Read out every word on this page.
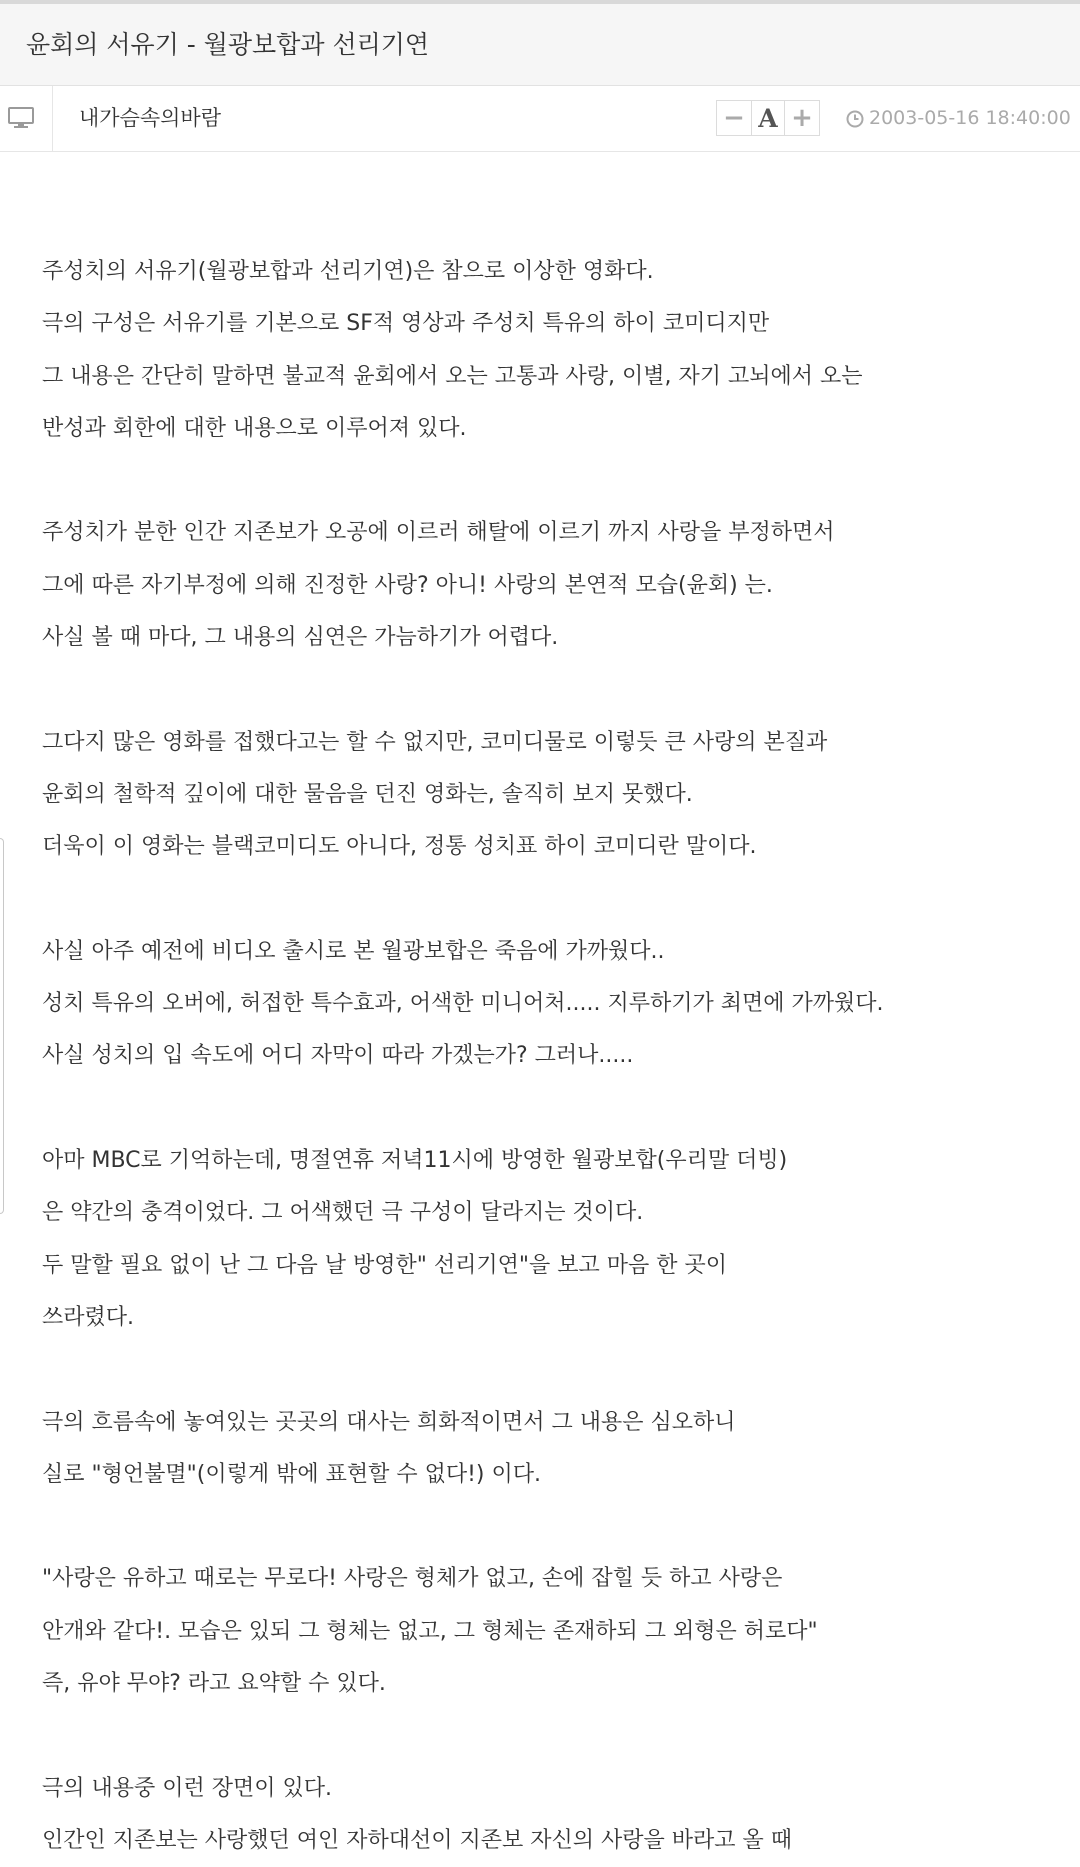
윤회의 서유기 - 월광보합과 선리기연
내가슴속의바람	− A +	2003-05-16 18:40:00
주성치의 서유기(월광보합과 선리기연)은 참으로 이상한 영화다.
극의 구성은 서유기를 기본으로 SF적 영상과 주성치 특유의 하이 코미디지만
그 내용은 간단히 말하면 불교적 윤회에서 오는 고통과 사랑, 이별, 자기 고뇌에서 오는
반성과 회한에 대한 내용으로 이루어져 있다.
주성치가 분한 인간 지존보가 오공에 이르러 해탈에 이르기 까지 사랑을 부정하면서
그에 따른 자기부정에 의해 진정한 사랑? 아니! 사랑의 본연적 모습(윤회) 는.
사실 볼 때 마다, 그 내용의 심연은 가늠하기가 어렵다.
그다지 많은 영화를 접했다고는 할 수 없지만, 코미디물로 이렇듯 큰 사랑의 본질과
윤회의 철학적 깊이에 대한 물음을 던진 영화는, 솔직히 보지 못했다.
더욱이 이 영화는 블랙코미디도 아니다, 정통 성치표 하이 코미디란 말이다.
사실 아주 예전에 비디오 출시로 본 월광보합은 죽음에 가까웠다..
성치 특유의 오버에, 허접한 특수효과, 어색한 미니어처..... 지루하기가 최면에 가까웠다.
사실 성치의 입 속도에 어디 자막이 따라 가겠는가? 그러나.....
아마 MBC로 기억하는데, 명절연휴 저녁11시에 방영한 월광보합(우리말 더빙)
은 약간의 충격이었다. 그 어색했던 극 구성이 달라지는 것이다.
두 말할 필요 없이 난 그 다음 날 방영한" 선리기연"을 보고 마음 한 곳이
쓰라렸다.
극의 흐름속에 놓여있는 곳곳의 대사는 희화적이면서 그 내용은 심오하니
실로 "형언불멸"(이렇게 밖에 표현할 수 없다!) 이다.
"사랑은 유하고 때로는 무로다! 사랑은 형체가 없고, 손에 잡힐 듯 하고 사랑은
안개와 같다!. 모습은 있되 그 형체는 없고, 그 형체는 존재하되 그 외형은 허로다"
즉, 유야 무야? 라고 요약할 수 있다.
극의 내용중 이런 장면이 있다.
인간인 지존보는 사랑했던 여인 자하대선이 지존보 자신의 사랑을 바라고 올 때
